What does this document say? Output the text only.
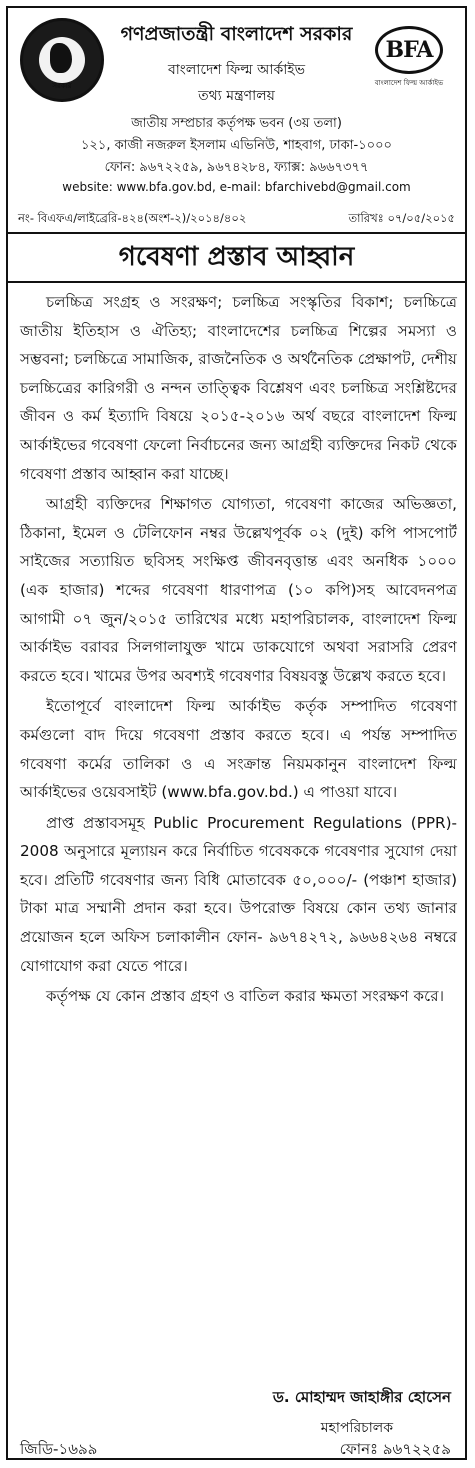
সরকার
গণপ্রজাতন্ত্রী বাংলাদেশ সরকার
বাংলাদেশ ফিল্ম আর্কাইভ
তথ্য মন্ত্রণালয়
জাতীয় সম্প্রচার কর্তৃপক্ষ ভবন (৩য় তলা)
১২১, কাজী নজরুল ইসলাম এভিনিউ, শাহবাগ, ঢাকা-১০০০
ফোন: ৯৬৭২২৫৯, ৯৬৭৪২৮৪, ফ্যাক্স: ৯৬৬৭৩৭৭
website: www.bfa.gov.bd, e-mail: bfarchivebd@gmail.com
BFA
বাংলাদেশ ফিল্ম আর্কাইভ
নং- বিএফএ/লাইব্রেরি-৪২৪(অংশ-২)/২০১৪/৪০২	তারিখঃ ০৭/০৫/২০১৫
গবেষণা প্রস্তাব আহ্বান

চলচ্চিত্র সংগ্রহ ও সংরক্ষণ; চলচ্চিত্র সংস্কৃতির বিকাশ; চলচ্চিত্রে জাতীয় ইতিহাস ও ঐতিহ্য; বাংলাদেশের চলচ্চিত্র শিল্পের সমস্যা ও সম্ভবনা; চলচ্চিত্রে সামাজিক, রাজনৈতিক ও অর্থনৈতিক প্রেক্ষাপট, দেশীয় চলচ্চিত্রের কারিগরী ও নন্দন তাত্ত্বিক বিশ্লেষণ এবং চলচ্চিত্র সংশ্লিষ্টদের জীবন ও কর্ম ইত্যাদি বিষয়ে ২০১৫-২০১৬ অর্থ বছরে বাংলাদেশ ফিল্ম আর্কাইভের গবেষণা ফেলো নির্বাচনের জন্য আগ্রহী ব্যক্তিদের নিকট থেকে গবেষণা প্রস্তাব আহ্বান করা যাচ্ছে।

আগ্রহী ব্যক্তিদের শিক্ষাগত যোগ্যতা, গবেষণা কাজের অভিজ্ঞতা, ঠিকানা, ইমেল ও টেলিফোন নম্বর উল্লেখপূর্বক ০২ (দুই) কপি পাসপোর্ট সাইজের সত্যায়িত ছবিসহ সংক্ষিপ্ত জীবনবৃত্তান্ত এবং অনধিক ১০০০ (এক হাজার) শব্দের গবেষণা ধারণাপত্র (১০ কপি)সহ আবেদনপত্র আগামী ০৭ জুন/২০১৫ তারিখের মধ্যে মহাপরিচালক, বাংলাদেশ ফিল্ম আর্কাইভ বরাবর সিলগালাযুক্ত খামে ডাকযোগে অথবা সরাসরি প্রেরণ করতে হবে। খামের উপর অবশ্যই গবেষণার বিষয়বস্তু উল্লেখ করতে হবে।

ইতোপূর্বে বাংলাদেশ ফিল্ম আর্কাইভ কর্তৃক সম্পাদিত গবেষণা কর্মগুলো বাদ দিয়ে গবেষণা প্রস্তাব করতে হবে। এ পর্যন্ত সম্পাদিত গবেষণা কর্মের তালিকা ও এ সংক্রান্ত নিয়মকানুন বাংলাদেশ ফিল্ম আর্কাইভের ওয়েবসাইট (www.bfa.gov.bd.) এ পাওয়া যাবে।

প্রাপ্ত প্রস্তাবসমূহ Public Procurement Regulations (PPR)- 2008 অনুসারে মূল্যায়ন করে নির্বাচিত গবেষককে গবেষণার সুযোগ দেয়া হবে। প্রতিটি গবেষণার জন্য বিধি মোতাবেক ৫০,০০০/- (পঞ্চাশ হাজার) টাকা মাত্র সম্মানী প্রদান করা হবে। উপরোক্ত বিষয়ে কোন তথ্য জানার প্রয়োজন হলে অফিস চলাকালীন ফোন- ৯৬৭৪২৭২, ৯৬৬৪২৬৪ নম্বরে যোগাযোগ করা যেতে পারে।

কর্তৃপক্ষ যে কোন প্রস্তাব গ্রহণ ও বাতিল করার ক্ষমতা সংরক্ষণ করে।

ড. মোহাম্মদ জাহাঙ্গীর হোসেন
মহাপরিচালক
জিডি-১৬৯৯	ফোনঃ ৯৬৭২২৫৯
